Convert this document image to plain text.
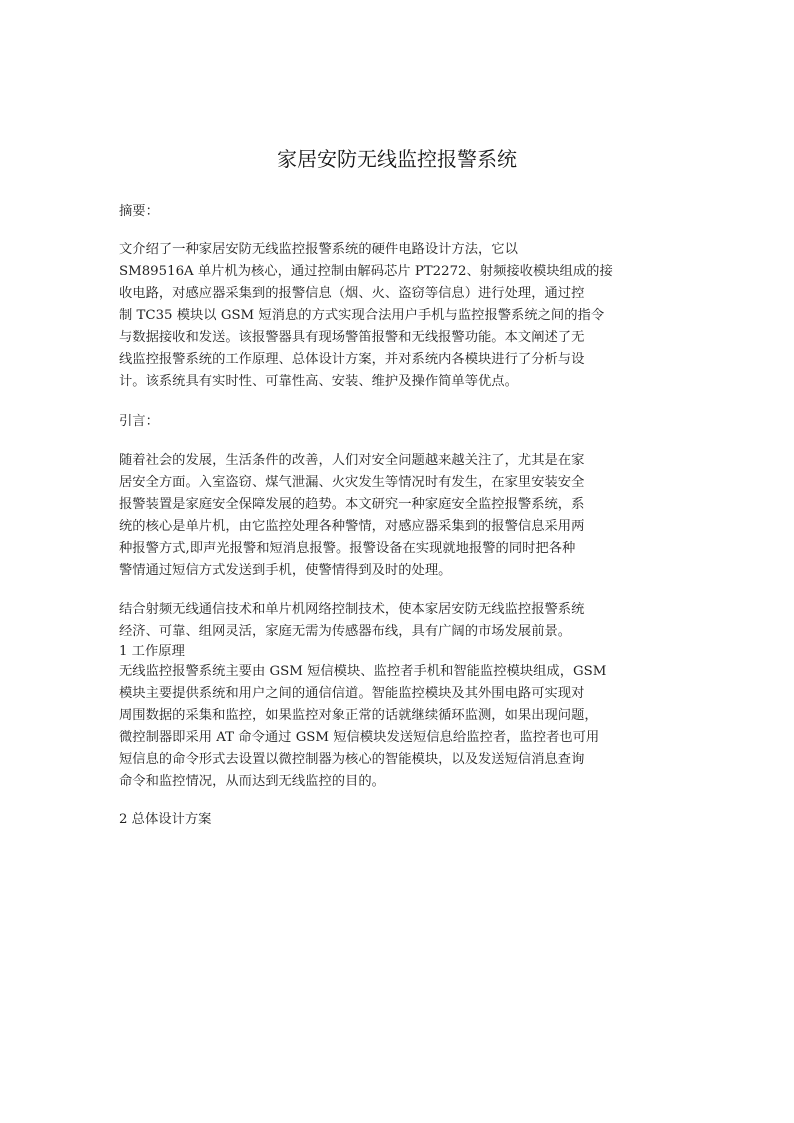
家居安防无线监控报警系统
摘要：
文介绍了一种家居安防无线监控报警系统的硬件电路设计方法，它以
SM89516A 单片机为核心，通过控制由解码芯片 PT2272、射频接收模块组成的接
收电路，对感应器采集到的报警信息（烟、火、盗窃等信息）进行处理，通过控
制 TC35 模块以 GSM 短消息的方式实现合法用户手机与监控报警系统之间的指令
与数据接收和发送。该报警器具有现场警笛报警和无线报警功能。本文阐述了无
线监控报警系统的工作原理、总体设计方案，并对系统内各模块进行了分析与设
计。该系统具有实时性、可靠性高、安装、维护及操作简单等优点。
引言：
随着社会的发展，生活条件的改善，人们对安全问题越来越关注了，尤其是在家
居安全方面。入室盗窃、煤气泄漏、火灾发生等情况时有发生，在家里安装安全
报警装置是家庭安全保障发展的趋势。本文研究一种家庭安全监控报警系统，系
统的核心是单片机，由它监控处理各种警情，对感应器采集到的报警信息采用两
种报警方式,即声光报警和短消息报警。报警设备在实现就地报警的同时把各种
警情通过短信方式发送到手机，使警情得到及时的处理。
结合射频无线通信技术和单片机网络控制技术，使本家居安防无线监控报警系统
经济、可靠、组网灵活，家庭无需为传感器布线，具有广阔的市场发展前景。
1 工作原理
无线监控报警系统主要由 GSM 短信模块、监控者手机和智能监控模块组成，GSM
模块主要提供系统和用户之间的通信信道。智能监控模块及其外围电路可实现对
周围数据的采集和监控，如果监控对象正常的话就继续循环监测，如果出现问题，
微控制器即采用 AT 命令通过 GSM 短信模块发送短信息给监控者，监控者也可用
短信息的命令形式去设置以微控制器为核心的智能模块，以及发送短信消息查询
命令和监控情况，从而达到无线监控的目的。
2 总体设计方案
